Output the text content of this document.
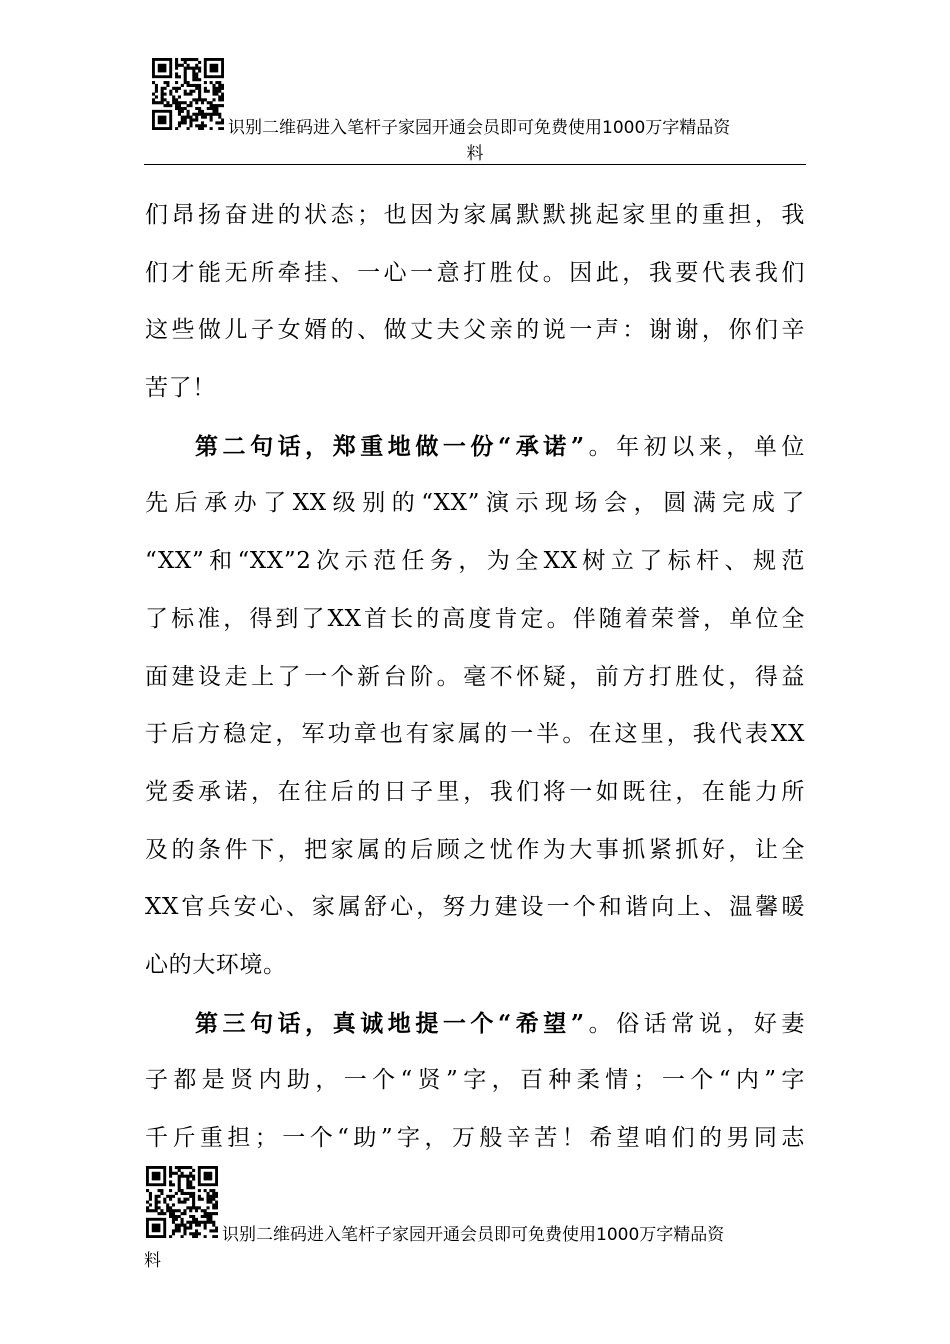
识别二维码进入笔杆子家园开通会员即可免费使用1000万字精品资
料
们昂扬奋进的状态；也因为家属默默挑起家里的重担，我
们才能无所牵挂、一心一意打胜仗。因此，我要代表我们
这些做儿子女婿的、做丈夫父亲的说一声：谢谢，你们辛
苦了！
第二句话，郑重地做一份“承诺”。年初以来，单位
先后承办了XX级别的“XX”演示现场会，圆满完成了
“XX”和“XX”2次示范任务，为全XX树立了标杆、规范
了标准，得到了XX首长的高度肯定。伴随着荣誉，单位全
面建设走上了一个新台阶。毫不怀疑，前方打胜仗，得益
于后方稳定，军功章也有家属的一半。在这里，我代表XX
党委承诺，在往后的日子里，我们将一如既往，在能力所
及的条件下，把家属的后顾之忧作为大事抓紧抓好，让全
XX官兵安心、家属舒心，努力建设一个和谐向上、温馨暖
心的大环境。
第三句话，真诚地提一个“希望”。俗话常说，好妻
子都是贤内助，一个“贤”字，百种柔情；一个“内”字
千斤重担；一个“助”字，万般辛苦！希望咱们的男同志
识别二维码进入笔杆子家园开通会员即可免费使用1000万字精品资
料
